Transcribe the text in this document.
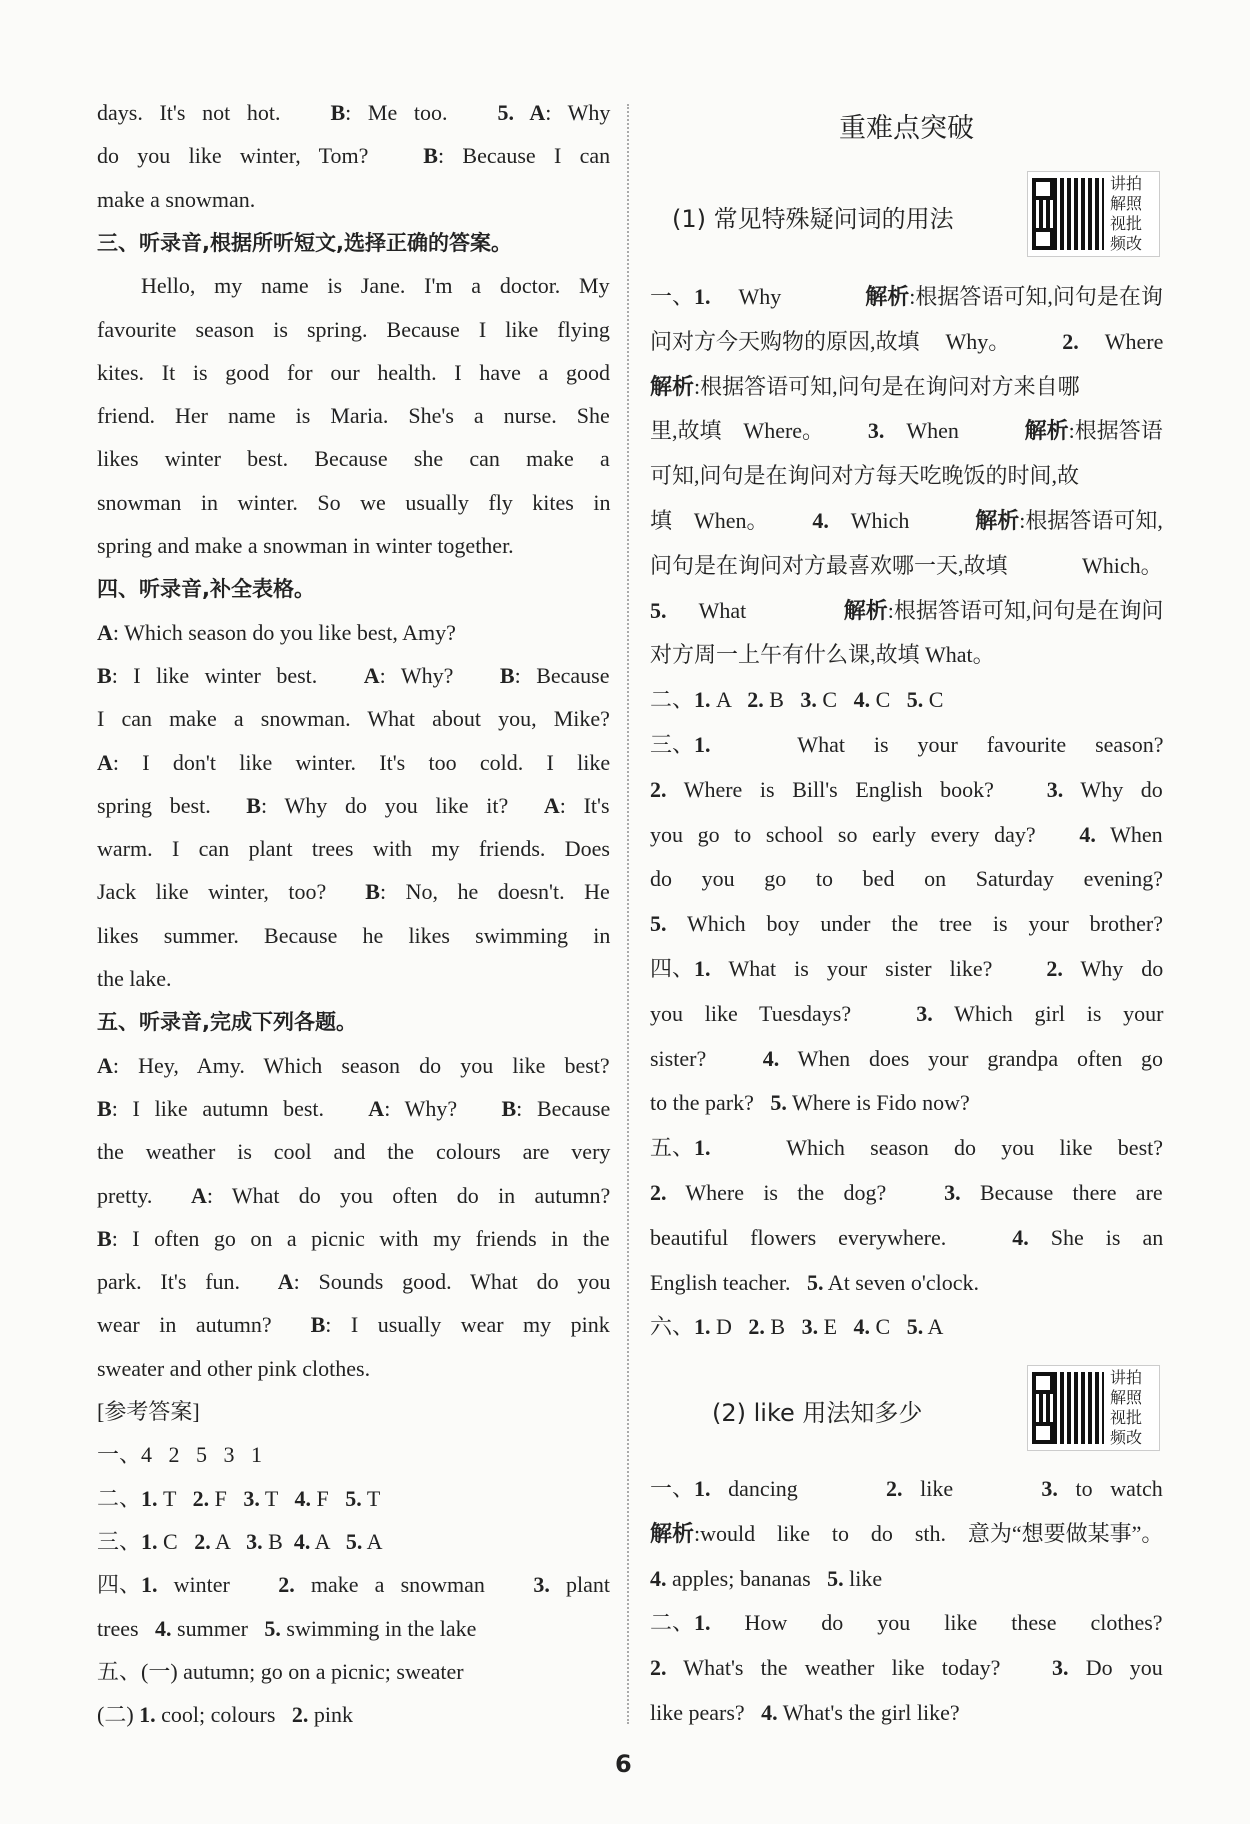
days. It's not hot.   B: Me too.   5. A: Why
do you like winter, Tom?   B: Because I can
make a snowman.
三、听录音,根据所听短文,选择正确的答案。
Hello, my name is Jane. I'm a doctor. My
favourite season is spring. Because I like flying
kites. It is good for our health. I have a good
friend. Her name is Maria. She's a nurse. She
likes winter best. Because she can make a
snowman in winter. So we usually fly kites in
spring and make a snowman in winter together.
四、听录音,补全表格。
A: Which season do you like best, Amy?
B: I like winter best.   A: Why?   B: Because
I can make a snowman. What about you, Mike?
A: I don't like winter. It's too cold. I like
spring best.  B: Why do you like it?  A: It's
warm. I can plant trees with my friends. Does
Jack like winter, too?  B: No, he doesn't. He
likes summer. Because he likes swimming in
the lake.
五、听录音,完成下列各题。
A: Hey, Amy. Which season do you like best?
B: I like autumn best.   A: Why?   B: Because
the weather is cool and the colours are very
pretty.  A: What do you often do in autumn?
B: I often go on a picnic with my friends in the
park. It's fun.  A: Sounds good. What do you
wear in autumn?  B: I usually wear my pink
sweater and other pink clothes.
[参考答案]
一、4   2   5   3   1
二、1. T   2. F   3. T   4. F   5. T
三、1. C   2. A   3. B  4. A   5. A
四、1. winter   2. make a snowman   3. plant
trees   4. summer   5. swimming in the lake
五、(一) autumn; go on a picnic; sweater
(二) 1. cool; colours   2. pink
重难点突破
(1) 常见特殊疑问词的用法
讲 拍
解 照
视 批
频 改
一、1. Why   解析:根据答语可知,问句是在询
问对方今天购物的原因,故填 Why。  2. Where
解析:根据答语可知,问句是在询问对方来自哪
里,故填 Where。  3. When   解析:根据答语
可知,问句是在询问对方每天吃晚饭的时间,故
填 When。  4. Which   解析:根据答语可知,
问句是在询问对方最喜欢哪一天,故填 Which。
5. What   解析:根据答语可知,问句是在询问
对方周一上午有什么课,故填 What。
二、1. A   2. B   3. C   4. C   5. C
三、1.   What is your favourite season?
2. Where is Bill's English book?   3. Why do
you go to school so early every day?   4. When
do you go to bed on Saturday evening?
5. Which boy under the tree is your brother?
四、1. What is your sister like?   2. Why do
you like Tuesdays?   3. Which girl is your
sister?   4. When does your grandpa often go
to the park?   5. Where is Fido now?
五、1.   Which season do you like best?
2. Where is the dog?   3. Because there are
beautiful flowers everywhere.   4. She is an
English teacher.   5. At seven o'clock.
六、1. D   2. B   3. E   4. C   5. A
(2) like 用法知多少
讲 拍
解 照
视 批
频 改
一、1. dancing     2. like     3. to watch
解析:would like to do sth. 意为“想要做某事”。
4. apples; bananas   5. like
二、1. How do you like these clothes?
2. What's the weather like today?   3. Do you
like pears?   4. What's the girl like?
6
